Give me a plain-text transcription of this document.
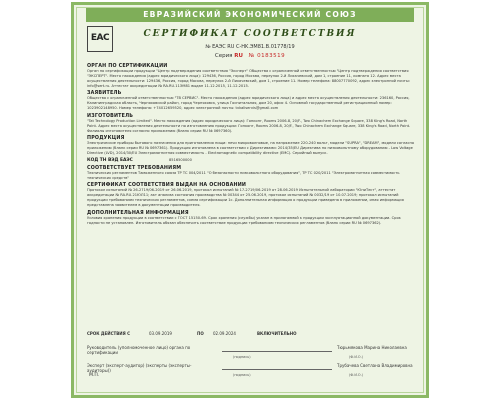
ЕВРАЗИЙСКИЙ ЭКОНОМИЧЕСКИЙ СОЮЗ
EAC	СЕРТИФИКАТ СООТВЕТСТВИЯ
№ ЕАЭС RU С-HK.ЭМ81.В.01778/19
Серия RU № 0183519
ОРГАН ПО СЕРТИФИКАЦИИ

Орган по сертификации продукции "Центр подтверждения соответствия "Эксперт" Общества с ограниченной ответственностью "Центр подтверждения соответствия "ЭКСПЕРТ". Место нахождения (адрес юридического лица): 129436, Россия, город Москва, переулок 2-й Лихачевский, дом 1, строение 11, комната 12. Адрес места осуществления деятельности: 129436, Россия, город Москва, переулок 2-й Лихачевский, дом 1, строение 11. Номер телефона: 88007770092, адрес электронной почты: info@sert.ru. Аттестат аккредитации № RA.RU.11ЭМ81 выдан 11.12.2015, 11.12.2015.

ЗАЯВИТЕЛЬ

Общество с ограниченной ответственностью "ТВ СЕРВИС". Место нахождения (адрес юридического лица) и адрес места осуществления деятельности: 236160, Россия, Калининградская область, Черняховский район, город Черняховск, улица Госпитальная, дом 20, офис 4. Основной государственный регистрационный номер: 1023902148950. Номер телефона: +74012659520, адрес электронной почты: tvkaliservis@gmail.com

ИЗГОТОВИТЕЛЬ

"Tat Technology Production Limited". Место нахождения (адрес юридического лица): Гонконг, Rooms 2006-8, 20/F., Two Chinachem Exchange Square, 338 King's Road, North Point. Адрес места осуществления деятельности по изготовлению продукции: Гонконг, Rooms 2006-8, 20/F., Two Chinachem Exchange Square, 338 King's Road, North Point. Филиалы изготовителя согласно приложению (бланк серии RU № 0697360).

ПРОДУКЦИЯ

Электрические приборы бытового назначения для приготовления пищи: печи микроволновые, на напряжение 220-240 вольт, модели "SUPRA", "DREAM", модели согласно приложению (бланк серии RU № 0697361). Продукция изготовлена в соответствии с Директивами: 2014/35/EU Директива по низковольтному оборудованию - Low Voltage Directive (LVD), 2014/30/EU Электромагнитная совместимость - Electromagnetic compatibility directive (EMC). Серийный выпуск.

КОД ТН ВЭД ЕАЭС	8516500000
СООТВЕТСТВУЕТ ТРЕБОВАНИЯМ

Технических регламентов Таможенного союза ТР ТС 004/2011 "О безопасности низковольтного оборудования", ТР ТС 020/2011 "Электромагнитная совместимость технических средств"

СЕРТИФИКАТ СООТВЕТСТВИЯ ВЫДАН НА ОСНОВАНИИ

Протокол испытаний № 26-2719/06-2019 от 26.06.2019, протокол испытаний № 17-2719/06-2019 от 28.06.2019 Испытательной лаборатории "ЮниТест", аттестат аккредитации № RA.RU.21ЮЛ11; акт анализа состояния производства № 00344 от 25.06.2019, протокол испытаний № 0032/19 от 10.07.2019; протокол испытаний продукции требованиям технических регламентов, схема сертификации 1с. Дополнительная информация о продукции приведена в приложении, иная информация представлена заявителем в документации производителя.

ДОПОЛНИТЕЛЬНАЯ ИНФОРМАЦИЯ

Условия хранения продукции в соответствии с ГОСТ 15150-69. Срок хранения (службы) указан в прилагаемой к продукции эксплуатационной документации. Срок годности не установлен. Изготовитель обязан обеспечить соответствие продукции требованиям технических регламентов (бланк серии RU № 0697362).

СРОК ДЕЙСТВИЯ С	03.09.2019	ПО 02.09.2024	ВКЛЮЧИТЕЛЬНО
Руководитель (уполномоченное лицо) органа по сертификации
Тюрьмякова Марина Николаевна
(подпись)	(Ф.И.О.)
Эксперт (эксперт-аудитор) (эксперты (эксперты-аудиторы))
Трубачева Светлана Владимировна
М.П.	(подпись)	(Ф.И.О.)
